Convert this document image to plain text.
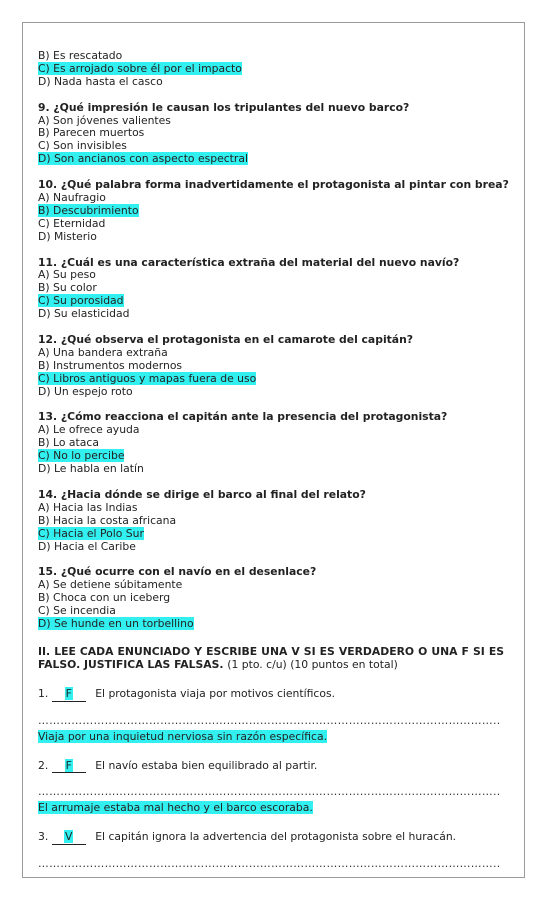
B) Es rescatado
C) Es arrojado sobre él por el impacto
D) Nada hasta el casco
9. ¿Qué impresión le causan los tripulantes del nuevo barco?
A) Son jóvenes valientes
B) Parecen muertos
C) Son invisibles
D) Son ancianos con aspecto espectral
10. ¿Qué palabra forma inadvertidamente el protagonista al pintar con brea?
A) Naufragio
B) Descubrimiento
C) Eternidad
D) Misterio
11. ¿Cuál es una característica extraña del material del nuevo navío?
A) Su peso
B) Su color
C) Su porosidad
D) Su elasticidad
12. ¿Qué observa el protagonista en el camarote del capitán?
A) Una bandera extraña
B) Instrumentos modernos
C) Libros antiguos y mapas fuera de uso
D) Un espejo roto
13. ¿Cómo reacciona el capitán ante la presencia del protagonista?
A) Le ofrece ayuda
B) Lo ataca
C) No lo percibe
D) Le habla en latín
14. ¿Hacia dónde se dirige el barco al final del relato?
A) Hacia las Indias
B) Hacia la costa africana
C) Hacia el Polo Sur
D) Hacia el Caribe
15. ¿Qué ocurre con el navío en el desenlace?
A) Se detiene súbitamente
B) Choca con un iceberg
C) Se incendia
D) Se hunde en un torbellino
II. LEE CADA ENUNCIADO Y ESCRIBE UNA V SI ES VERDADERO O UNA F SI ES FALSO. JUSTIFICA LAS FALSAS. (1 pto. c/u) (10 puntos en total)
1. F El protagonista viaja por motivos científicos.
……………………………………………………………………………………………………………..
Viaja por una inquietud nerviosa sin razón específica.
2. F El navío estaba bien equilibrado al partir.
……………………………………………………………………………………………………………..
El arrumaje estaba mal hecho y el barco escoraba.
3. V El capitán ignora la advertencia del protagonista sobre el huracán.
……………………………………………………………………………………………………………..
